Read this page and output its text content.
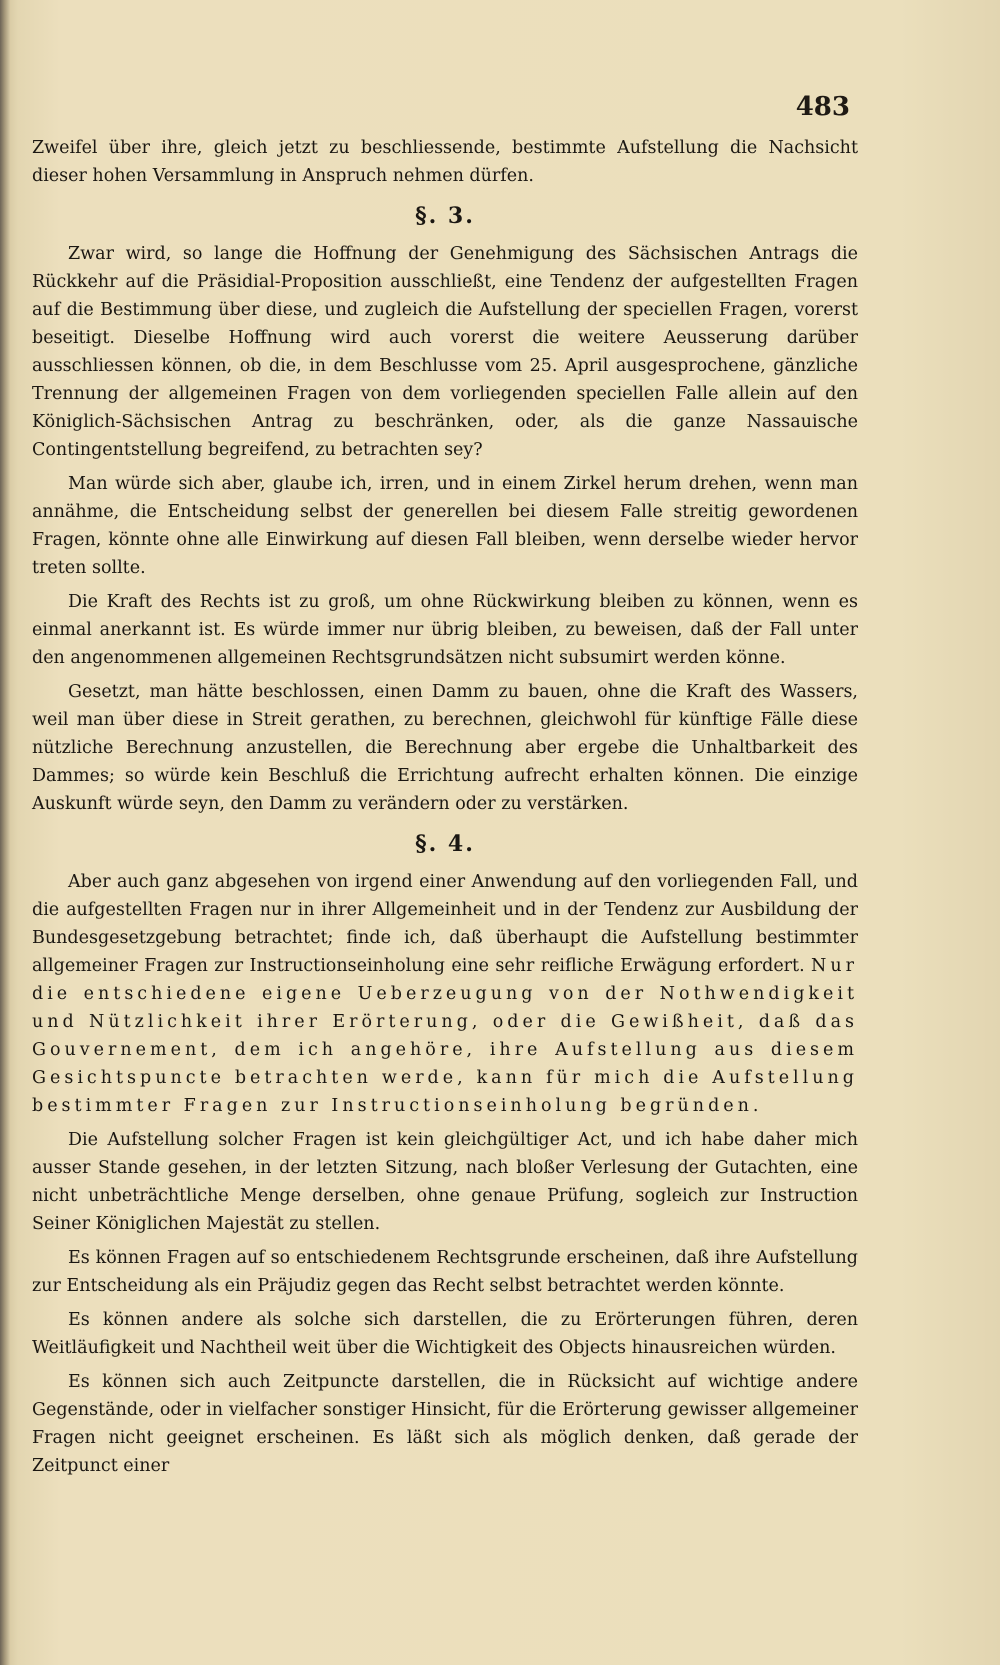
483

Zweifel über ihre, gleich jetzt zu beschliessende, bestimmte Aufstellung die Nachsicht dieser hohen Versammlung in Anspruch nehmen dürfen.

§. 3.

Zwar wird, so lange die Hoffnung der Genehmigung des Sächsischen Antrags die Rückkehr auf die Präsidial-Proposition ausschließt, eine Tendenz der aufgestellten Fragen auf die Bestimmung über diese, und zugleich die Aufstellung der speciellen Fragen, vorerst beseitigt. Dieselbe Hoffnung wird auch vorerst die weitere Aeusserung darüber ausschliessen können, ob die, in dem Beschlusse vom 25. April ausgesprochene, gänzliche Trennung der allgemeinen Fragen von dem vorliegenden speciellen Falle allein auf den Königlich-Sächsischen Antrag zu beschränken, oder, als die ganze Nassauische Contingentstellung begreifend, zu betrachten sey?

Man würde sich aber, glaube ich, irren, und in einem Zirkel herum drehen, wenn man annähme, die Entscheidung selbst der generellen bei diesem Falle streitig gewordenen Fragen, könnte ohne alle Einwirkung auf diesen Fall bleiben, wenn derselbe wieder hervor treten sollte.

Die Kraft des Rechts ist zu groß, um ohne Rückwirkung bleiben zu können, wenn es einmal anerkannt ist. Es würde immer nur übrig bleiben, zu beweisen, daß der Fall unter den angenommenen allgemeinen Rechtsgrundsätzen nicht subsumirt werden könne.

Gesetzt, man hätte beschlossen, einen Damm zu bauen, ohne die Kraft des Wassers, weil man über diese in Streit gerathen, zu berechnen, gleichwohl für künftige Fälle diese nützliche Berechnung anzustellen, die Berechnung aber ergebe die Unhaltbarkeit des Dammes; so würde kein Beschluß die Errichtung aufrecht erhalten können. Die einzige Auskunft würde seyn, den Damm zu verändern oder zu verstärken.

§. 4.

Aber auch ganz abgesehen von irgend einer Anwendung auf den vorliegenden Fall, und die aufgestellten Fragen nur in ihrer Allgemeinheit und in der Tendenz zur Ausbildung der Bundesgesetzgebung betrachtet; finde ich, daß überhaupt die Aufstellung bestimmter allgemeiner Fragen zur Instructionseinholung eine sehr reifliche Erwägung erfordert. Nur die entschiedene eigene Ueberzeugung von der Nothwendigkeit und Nützlichkeit ihrer Erörterung, oder die Gewißheit, daß das Gouvernement, dem ich angehöre, ihre Aufstellung aus diesem Gesichtspuncte betrachten werde, kann für mich die Aufstellung bestimmter Fragen zur Instructionseinholung begründen.

Die Aufstellung solcher Fragen ist kein gleichgültiger Act, und ich habe daher mich ausser Stande gesehen, in der letzten Sitzung, nach bloßer Verlesung der Gutachten, eine nicht unbeträchtliche Menge derselben, ohne genaue Prüfung, sogleich zur Instruction Seiner Königlichen Majestät zu stellen.

Es können Fragen auf so entschiedenem Rechtsgrunde erscheinen, daß ihre Aufstellung zur Entscheidung als ein Präjudiz gegen das Recht selbst betrachtet werden könnte.

Es können andere als solche sich darstellen, die zu Erörterungen führen, deren Weitläufigkeit und Nachtheil weit über die Wichtigkeit des Objects hinausreichen würden.

Es können sich auch Zeitpuncte darstellen, die in Rücksicht auf wichtige andere Gegenstände, oder in vielfacher sonstiger Hinsicht, für die Erörterung gewisser allgemeiner Fragen nicht geeignet erscheinen. Es läßt sich als möglich denken, daß gerade der Zeitpunct einer
